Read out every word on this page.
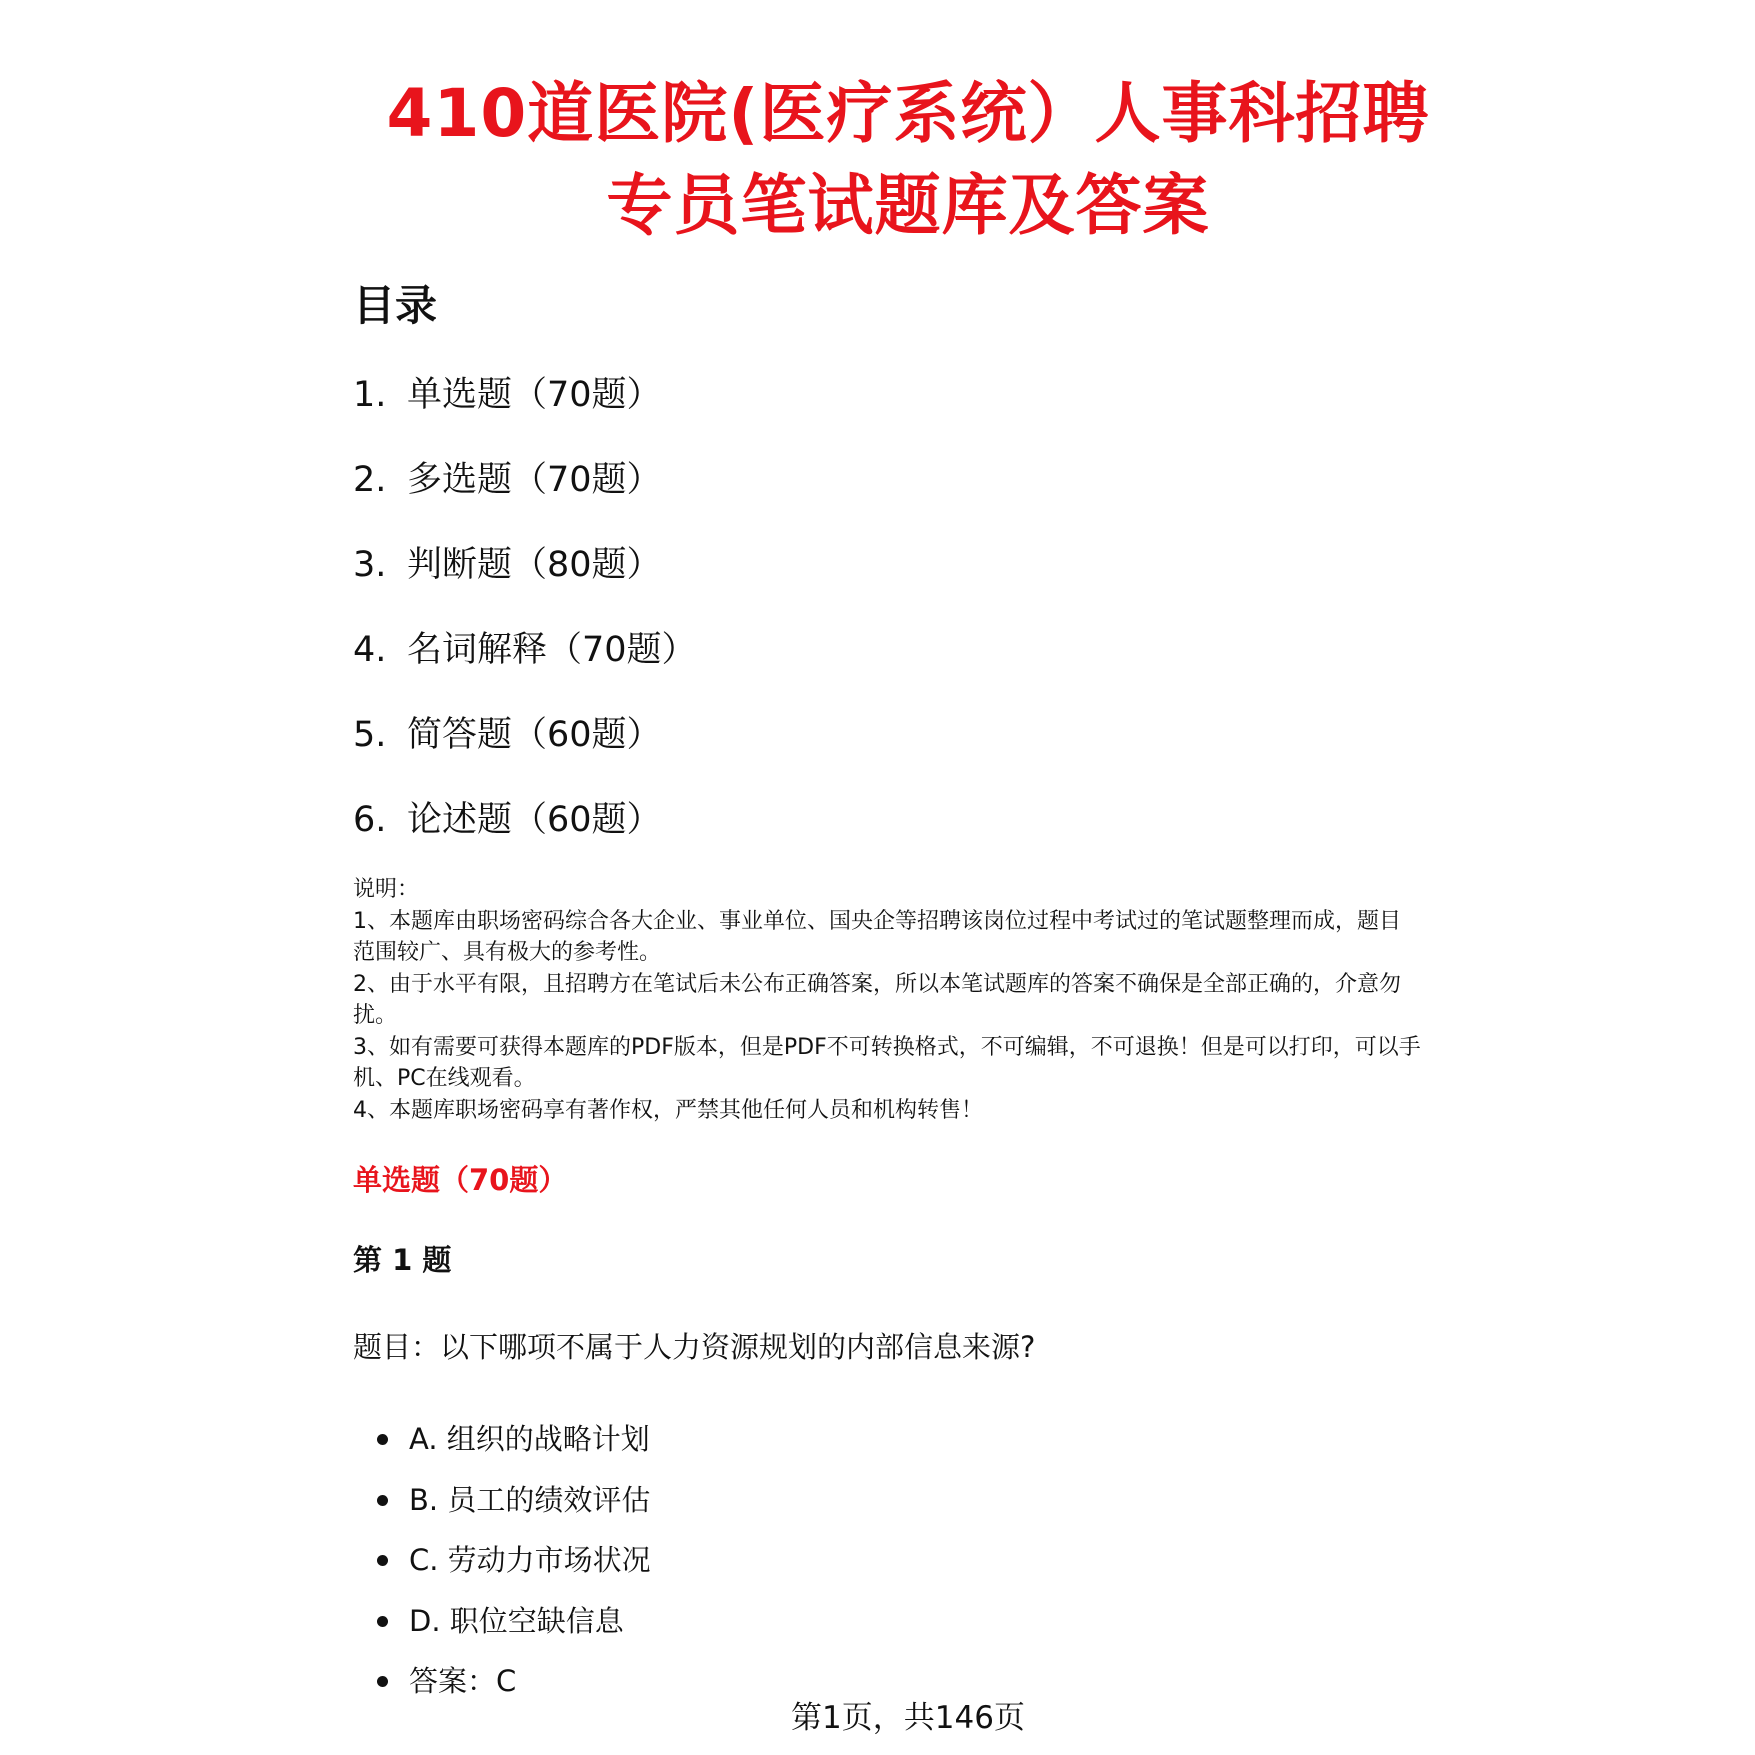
410道医院(医疗系统）人事科招聘
专员笔试题库及答案
目录
1. 单选题（70题）
2. 多选题（70题）
3. 判断题（80题）
4. 名词解释（70题）
5. 简答题（60题）
6. 论述题（60题）
说明：
1、本题库由职场密码综合各大企业、事业单位、国央企等招聘该岗位过程中考试过的笔试题整理而成，题目
范围较广、具有极大的参考性。
2、由于水平有限，且招聘方在笔试后未公布正确答案，所以本笔试题库的答案不确保是全部正确的，介意勿
扰。
3、如有需要可获得本题库的PDF版本，但是PDF不可转换格式，不可编辑，不可退换！但是可以打印，可以手
机、PC在线观看。
4、本题库职场密码享有著作权，严禁其他任何人员和机构转售！
单选题（70题）
第 1 题
题目：以下哪项不属于人力资源规划的内部信息来源?
A. 组织的战略计划
B. 员工的绩效评估
C. 劳动力市场状况
D. 职位空缺信息
答案：C
第1页，共146页
